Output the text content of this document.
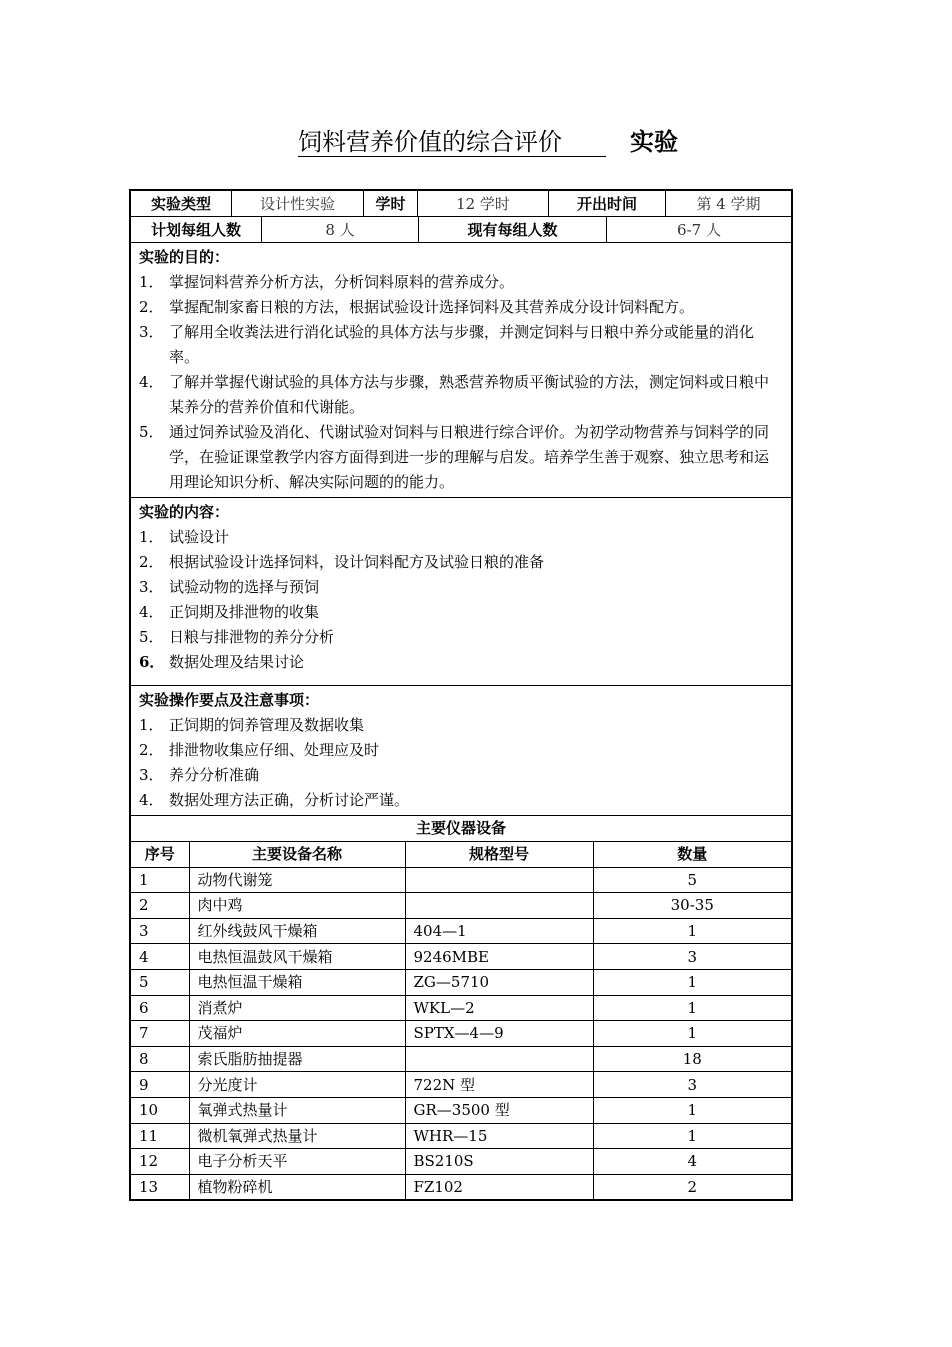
饲料营养价值的综合评价	实验
实验类型	设计性实验	学时	12 学时	开出时间	第 4 学期
计划每组人数	8 人	现有每组人数	6-7 人
实验的目的：
1． 掌握饲料营养分析方法，分析饲料原料的营养成分。
2． 掌握配制家畜日粮的方法，根据试验设计选择饲料及其营养成分设计饲料配方。
3． 了解用全收粪法进行消化试验的具体方法与步骤，并测定饲料与日粮中养分或能量的消化率。
4． 了解并掌握代谢试验的具体方法与步骤，熟悉营养物质平衡试验的方法，测定饲料或日粮中某养分的营养价值和代谢能。
5． 通过饲养试验及消化、代谢试验对饲料与日粮进行综合评价。为初学动物营养与饲料学的同学，在验证课堂教学内容方面得到进一步的理解与启发。培养学生善于观察、独立思考和运用理论知识分析、解决实际问题的的能力。
实验的内容：
1． 试验设计
2． 根据试验设计选择饲料，设计饲料配方及试验日粮的准备
3． 试验动物的选择与预饲
4． 正饲期及排泄物的收集
5． 日粮与排泄物的养分分析
6． 数据处理及结果讨论
实验操作要点及注意事项：
1． 正饲期的饲养管理及数据收集
2． 排泄物收集应仔细、处理应及时
3． 养分分析准确
4． 数据处理方法正确，分析讨论严谨。
主要仪器设备
序号	主要设备名称	规格型号	数量
1	动物代谢笼		5
2	肉中鸡		30-35
3	红外线鼓风干燥箱	404—1	1
4	电热恒温鼓风干燥箱	9246MBE	3
5	电热恒温干燥箱	ZG—5710	1
6	消煮炉	WKL—2	1
7	茂福炉	SPTX—4—9	1
8	索氏脂肪抽提器		18
9	分光度计	722N 型	3
10	氧弹式热量计	GR—3500 型	1
11	微机氧弹式热量计	WHR—15	1
12	电子分析天平	BS210S	4
13	植物粉碎机	FZ102	2
